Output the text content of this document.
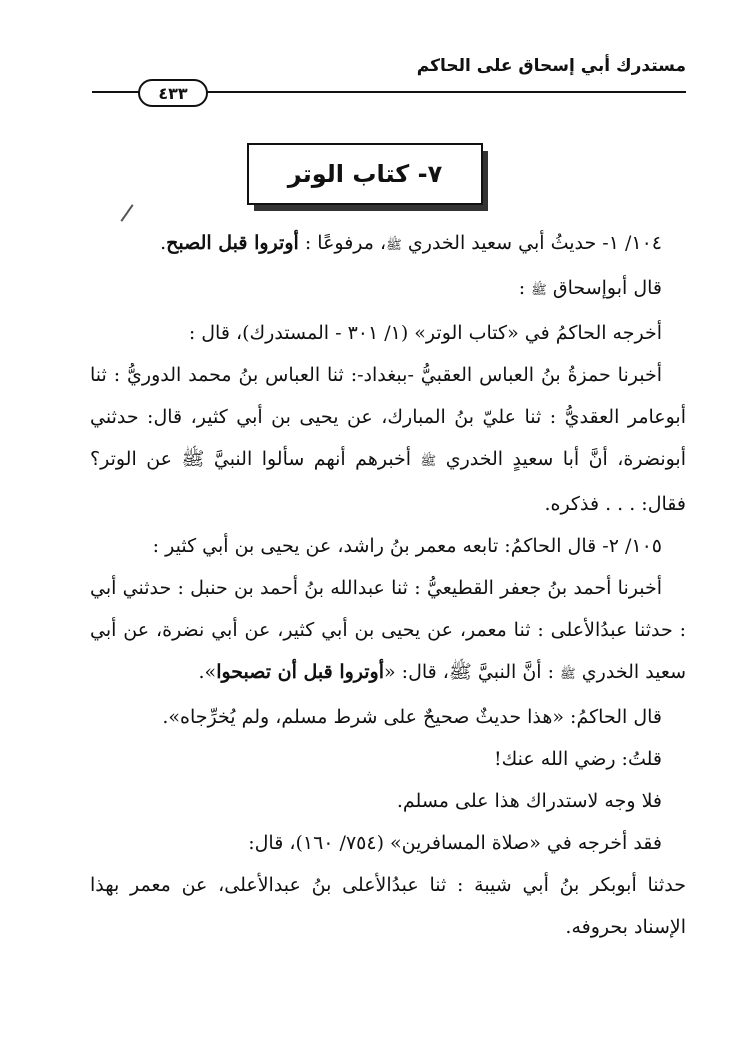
مستدرك أبي إسحاق على الحاكم
٤٣٣
٧- كتاب الوتر

١٠٤/ ١- حديثُ أبي سعيد الخدري ﷺ، مرفوعًا : أوتروا قبل الصبح.

قال أبوإسحاق ﷺ :

أخرجه الحاكمُ في «كتاب الوتر» (١/ ٣٠١ - المستدرك)، قال :

أخبرنا حمزةُ بنُ العباس العقبيُّ -ببغداد-: ثنا العباس بنُ محمد الدوريُّ : ثنا أبوعامر العقديُّ : ثنا عليّ بنُ المبارك، عن يحيى بن أبي كثير، قال: حدثني أبونضرة، أنَّ أبا سعيدٍ الخدري ﷺ أخبرهم أنهم سألوا النبيَّ ﷺ عن الوتر؟ فقال: . . . فذكره.

١٠٥/ ٢- قال الحاكمُ: تابعه معمر بنُ راشد، عن يحيى بن أبي كثير :

أخبرنا أحمد بنُ جعفر القطيعيُّ : ثنا عبدالله بنُ أحمد بن حنبل : حدثني أبي : حدثنا عبدُالأعلى : ثنا معمر، عن يحيى بن أبي كثير، عن أبي نضرة، عن أبي سعيد الخدري ﷺ : أنَّ النبيَّ ﷺ، قال: «أوتروا قبل أن تصبحوا».

قال الحاكمُ: «هذا حديثٌ صحيحٌ على شرط مسلم، ولم يُخرِّجاه».

قلتُ: رضي الله عنك!

فلا وجه لاستدراك هذا على مسلم.

فقد أخرجه في «صلاة المسافرين» (٧٥٤/ ١٦٠)، قال:

حدثنا أبوبكر بنُ أبي شيبة : ثنا عبدُالأعلى بنُ عبدالأعلى، عن معمر بهذا الإسناد بحروفه.
